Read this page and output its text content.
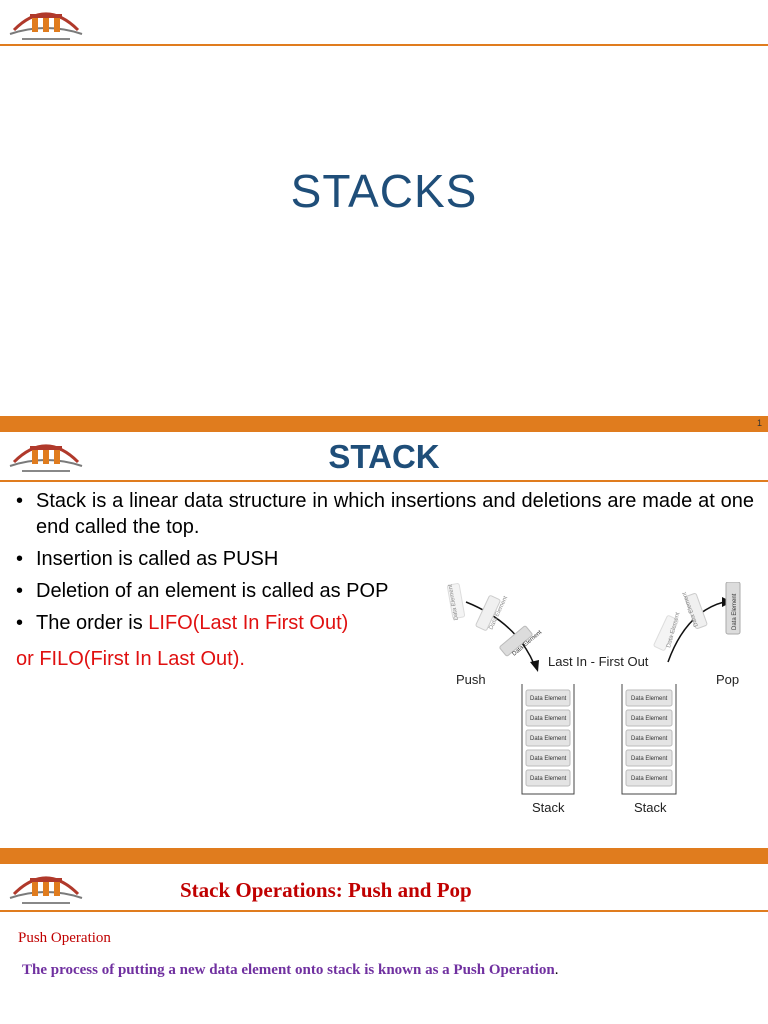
STACKS
1
STACK
• Stack is a linear data structure in which insertions and deletions are made at one end called the top.
• Insertion is called as PUSH
• Deletion of an element is called as POP
• The order is LIFO(Last In First Out)
or FILO(First In Last Out).
Data Element	Data Element
Data Element	Data Element
Data Element	Data Element
Last In - First Out
Push	Pop
Data Element
Data Element
Data Element
Data Element
Data Element
Stack
Data Element
Data Element
Data Element
Data Element
Data Element
Stack
Stack Operations: Push and Pop
Push Operation
The process of putting a new data element onto stack is known as a Push Operation.
